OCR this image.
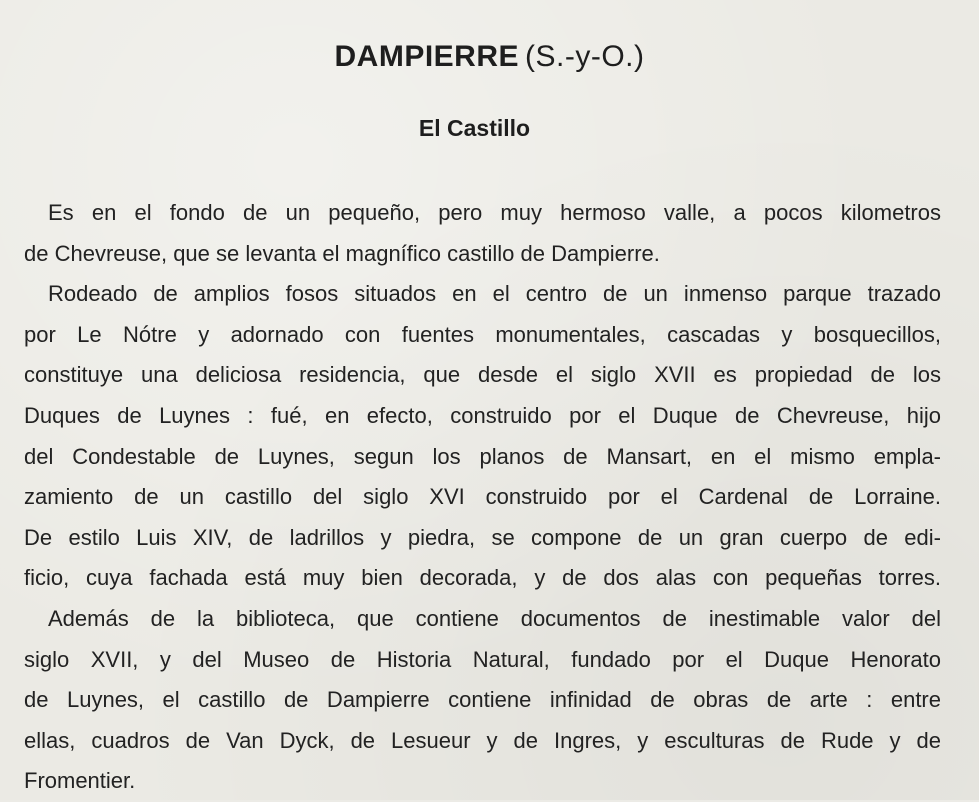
DAMPIERRE (S.-y-O.)
El Castillo
Es en el fondo de un pequeño, pero muy hermoso valle, a pocos kilometros
de Chevreuse, que se levanta el magnífico castillo de Dampierre.
Rodeado de amplios fosos situados en el centro de un inmenso parque trazado
por Le Nótre y adornado con fuentes monumentales, cascadas y bosquecillos,
constituye una deliciosa residencia, que desde el siglo XVII es propiedad de los
Duques de Luynes : fué, en efecto, construido por el Duque de Chevreuse, hijo
del Condestable de Luynes, segun los planos de Mansart, en el mismo empla-
zamiento de un castillo del siglo XVI construido por el Cardenal de Lorraine.
De estilo Luis XIV, de ladrillos y piedra, se compone de un gran cuerpo de edi-
ficio, cuya fachada está muy bien decorada, y de dos alas con pequeñas torres.
Además de la biblioteca, que contiene documentos de inestimable valor del
siglo XVII, y del Museo de Historia Natural, fundado por el Duque Henorato
de Luynes, el castillo de Dampierre contiene infinidad de obras de arte : entre
ellas, cuadros de Van Dyck, de Lesueur y de Ingres, y esculturas de Rude y de
Fromentier.
